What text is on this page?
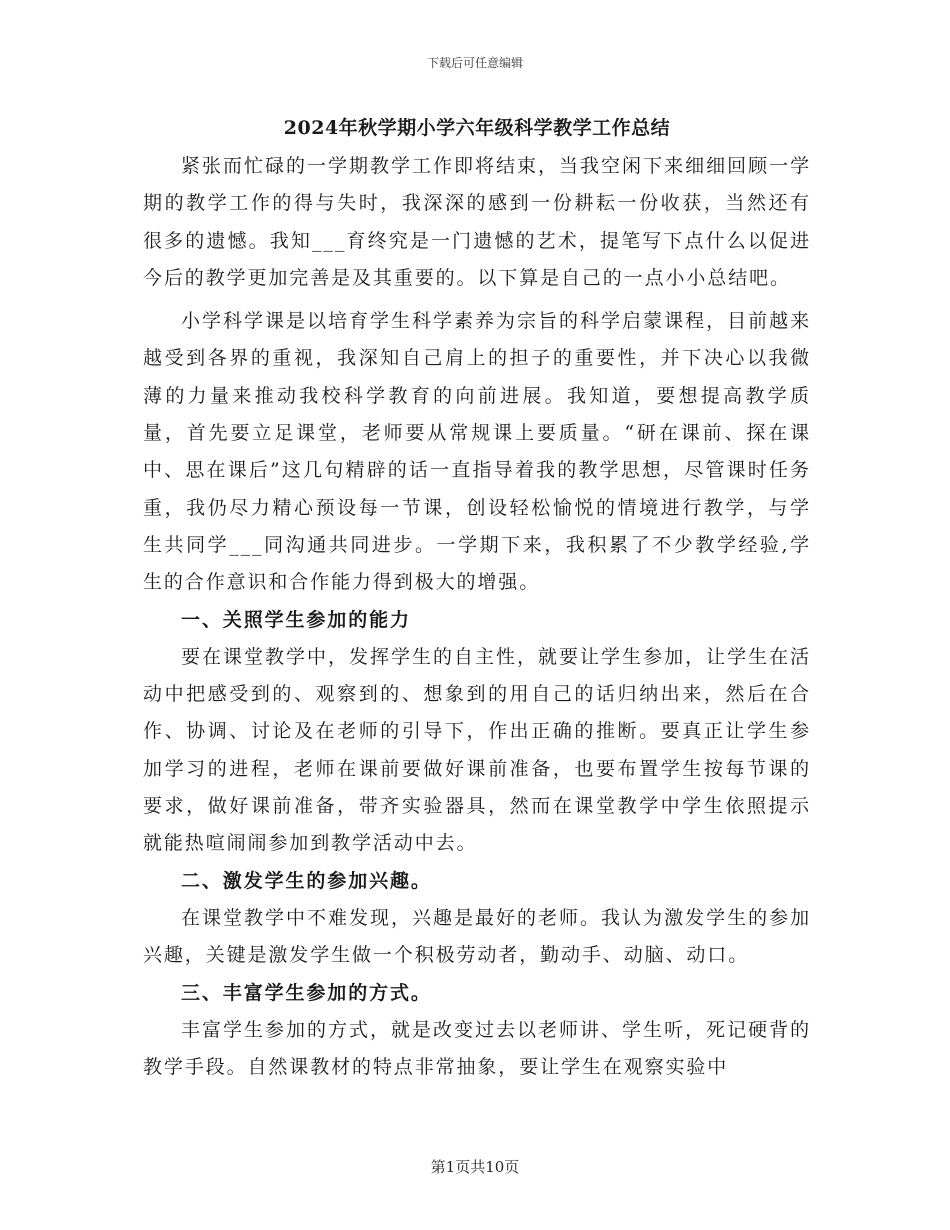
下载后可任意编辑
2024年秋学期小学六年级科学教学工作总结

紧张而忙碌的一学期教学工作即将结束，当我空闲下来细细回顾一学期的教学工作的得与失时，我深深的感到一份耕耘一份收获，当然还有很多的遗憾。我知___育终究是一门遗憾的艺术，提笔写下点什么以促进今后的教学更加完善是及其重要的。以下算是自己的一点小小总结吧。

小学科学课是以培育学生科学素养为宗旨的科学启蒙课程，目前越来越受到各界的重视，我深知自己肩上的担子的重要性，并下决心以我微薄的力量来推动我校科学教育的向前进展。我知道，要想提高教学质量，首先要立足课堂，老师要从常规课上要质量。“研在课前、探在课中、思在课后”这几句精辟的话一直指导着我的教学思想，尽管课时任务重，我仍尽力精心预设每一节课，创设轻松愉悦的情境进行教学，与学生共同学___同沟通共同进步。一学期下来，我积累了不少教学经验,学生的合作意识和合作能力得到极大的增强。

一、关照学生参加的能力

要在课堂教学中，发挥学生的自主性，就要让学生参加，让学生在活动中把感受到的、观察到的、想象到的用自己的话归纳出来，然后在合作、协调、讨论及在老师的引导下，作出正确的推断。要真正让学生参加学习的进程，老师在课前要做好课前准备，也要布置学生按每节课的要求，做好课前准备，带齐实验器具，然而在课堂教学中学生依照提示就能热喧闹闹参加到教学活动中去。

二、激发学生的参加兴趣。

在课堂教学中不难发现，兴趣是最好的老师。我认为激发学生的参加兴趣，关键是激发学生做一个积极劳动者，勤动手、动脑、动口。

三、丰富学生参加的方式。

丰富学生参加的方式，就是改变过去以老师讲、学生听，死记硬背的教学手段。自然课教材的特点非常抽象，要让学生在观察实验中

第1页共10页
